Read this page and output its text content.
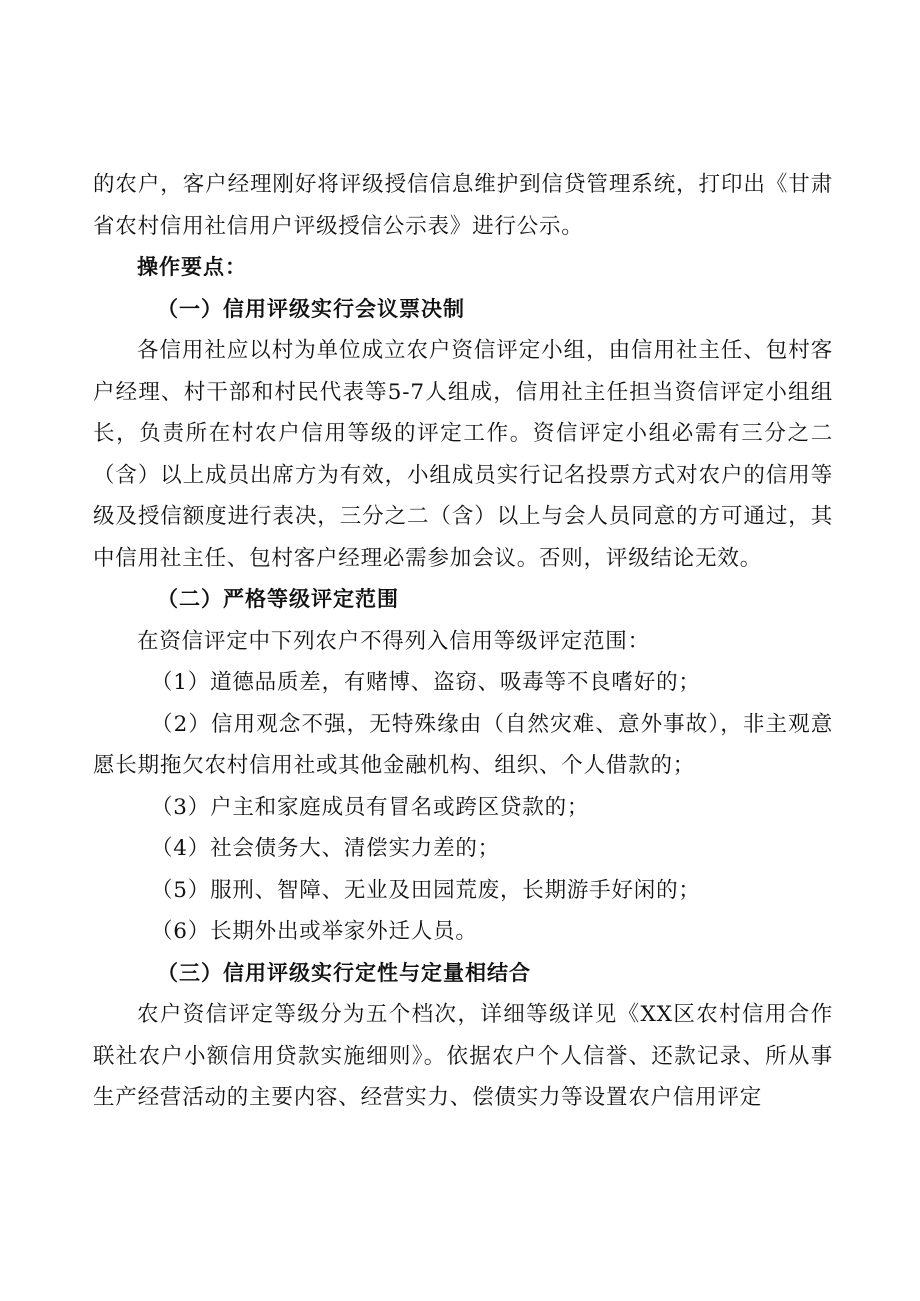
的农户，客户经理刚好将评级授信信息维护到信贷管理系统，打印出《甘肃省农村信用社信用户评级授信公示表》进行公示。

操作要点：

（一）信用评级实行会议票决制

各信用社应以村为单位成立农户资信评定小组，由信用社主任、包村客户经理、村干部和村民代表等5-7人组成，信用社主任担当资信评定小组组长，负责所在村农户信用等级的评定工作。资信评定小组必需有三分之二（含）以上成员出席方为有效，小组成员实行记名投票方式对农户的信用等级及授信额度进行表决，三分之二（含）以上与会人员同意的方可通过，其中信用社主任、包村客户经理必需参加会议。否则，评级结论无效。

（二）严格等级评定范围

在资信评定中下列农户不得列入信用等级评定范围：

（1）道德品质差，有赌博、盗窃、吸毒等不良嗜好的；

（2）信用观念不强，无特殊缘由（自然灾难、意外事故），非主观意愿长期拖欠农村信用社或其他金融机构、组织、个人借款的；

（3）户主和家庭成员有冒名或跨区贷款的；

（4）社会债务大、清偿实力差的；

（5）服刑、智障、无业及田园荒废，长期游手好闲的；

（6）长期外出或举家外迁人员。

（三）信用评级实行定性与定量相结合

农户资信评定等级分为五个档次，详细等级详见《XX区农村信用合作联社农户小额信用贷款实施细则》。依据农户个人信誉、还款记录、所从事生产经营活动的主要内容、经营实力、偿债实力等设置农户信用评定
